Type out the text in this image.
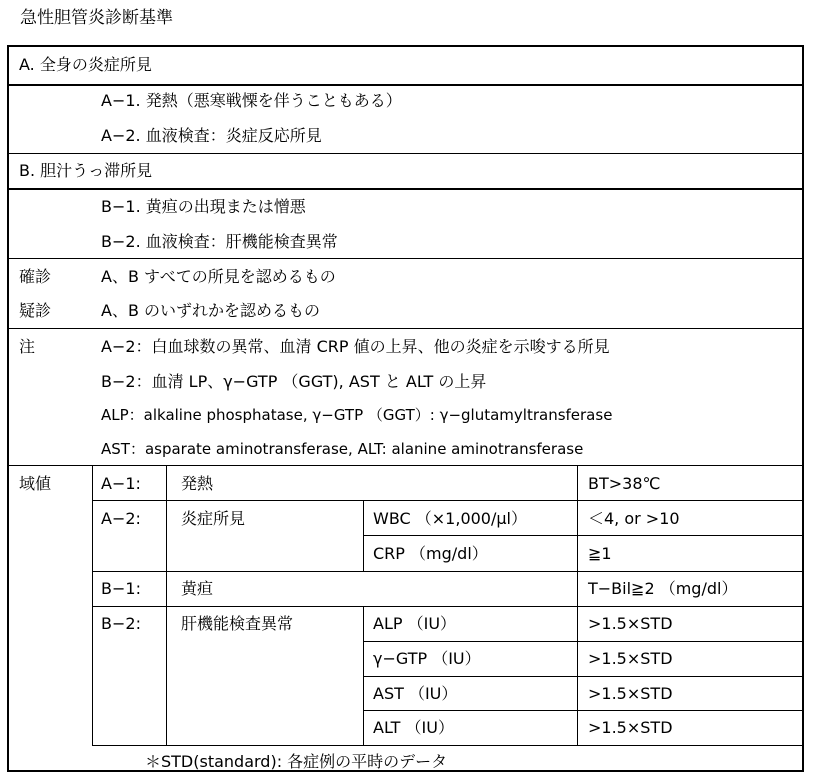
急性胆管炎診断基準
A. 全身の炎症所見
A−1. 発熱（悪寒戦慄を伴うこともある）
A−2. 血液検査：炎症反応所見
B. 胆汁うっ滞所見
B−1. 黄疸の出現または憎悪
B−2. 血液検査：肝機能検査異常
確診	A、B すべての所見を認めるもの
疑診	A、B のいずれかを認めるもの
注	A−2：白血球数の異常、血清 CRP 値の上昇、他の炎症を示唆する所見
B−2：血清 LP、γ−GTP （GGT), AST と ALT の上昇
ALP：alkaline phosphatase, γ−GTP （GGT）: γ−glutamyltransferase
AST：asparate aminotransferase, ALT: alanine aminotransferase
域値	A−1:	発熱	BT>38℃
A−2:	炎症所見	WBC （×1,000/μl）	＜4, or >10
CRP （mg/dl）	≧1
B−1:	黄疸	T−Bil≧2 （mg/dl）
B−2:	肝機能検査異常	ALP （IU）	>1.5×STD
γ−GTP （IU）	>1.5×STD
AST （IU）	>1.5×STD
ALT （IU）	>1.5×STD
＊STD(standard): 各症例の平時のデータ
